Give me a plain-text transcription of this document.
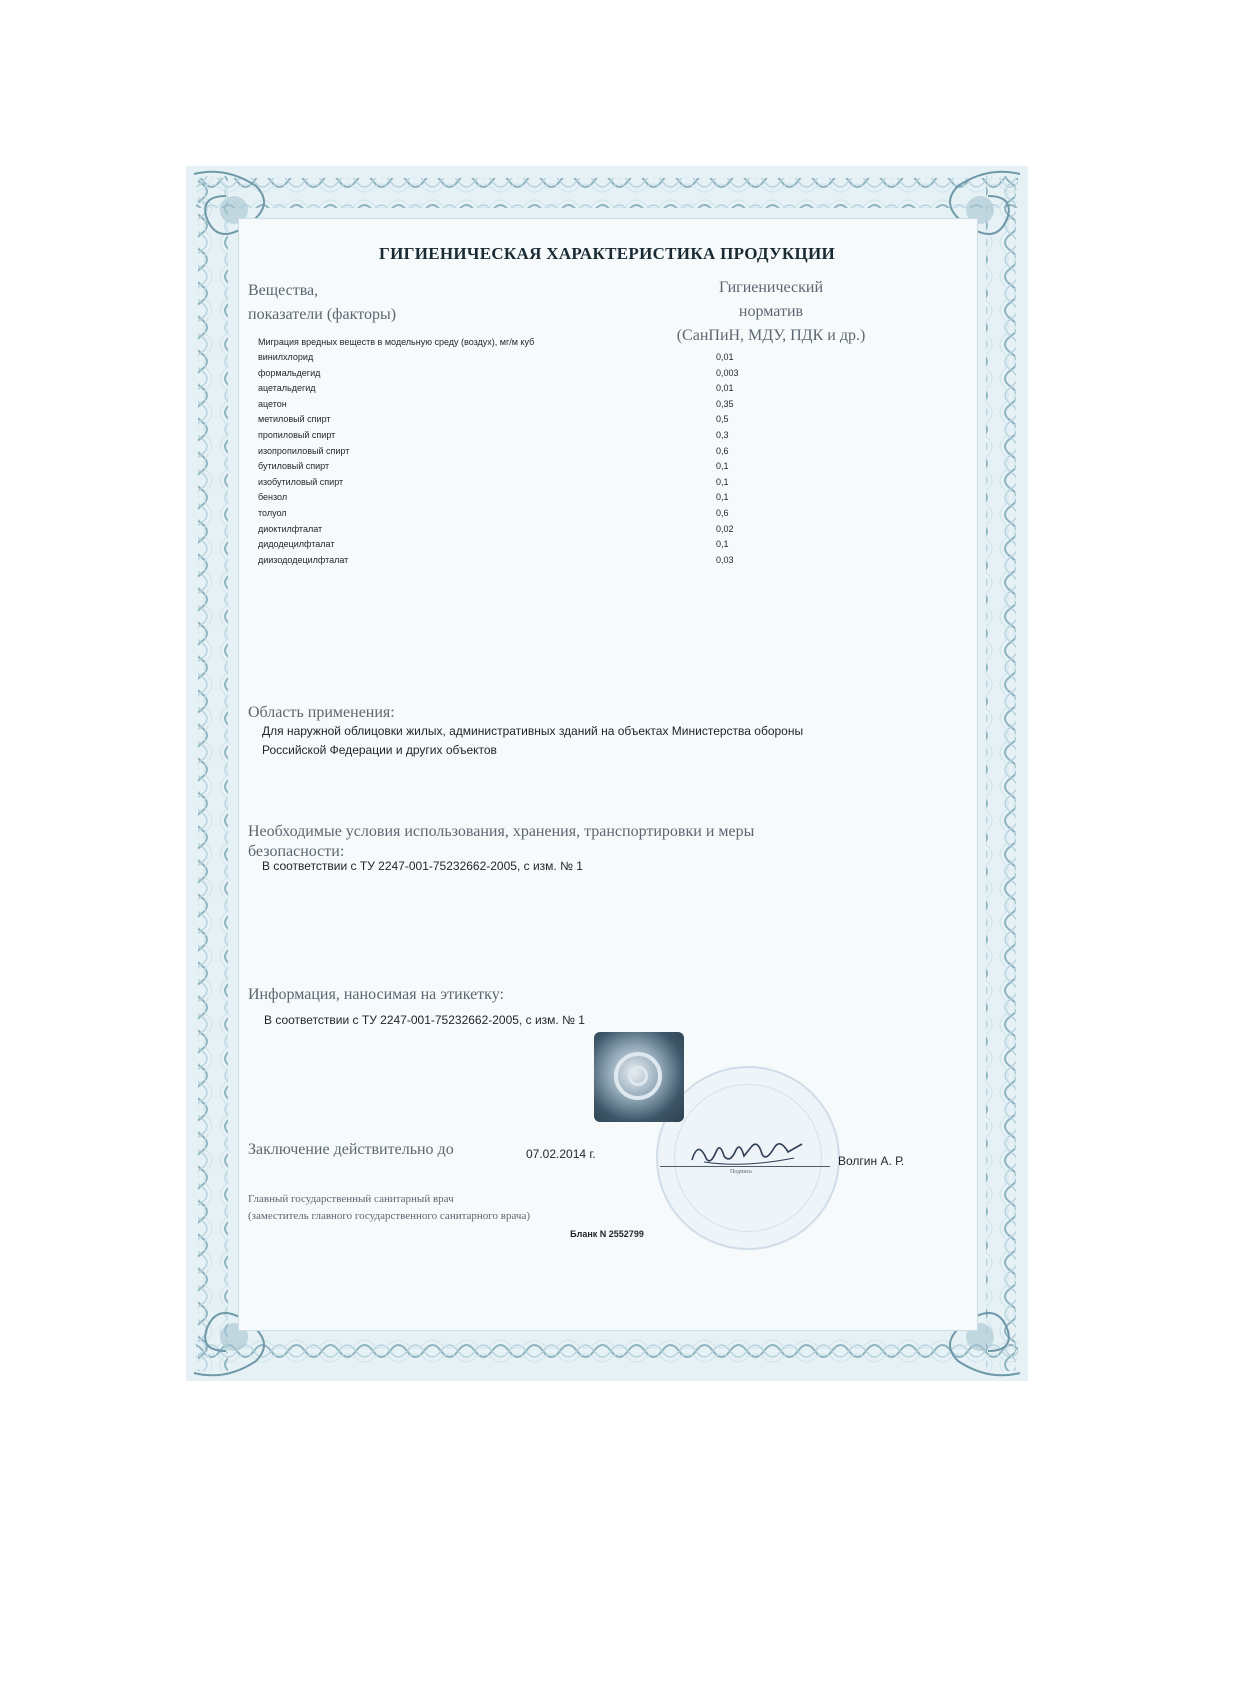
ГИГИЕНИЧЕСКАЯ ХАРАКТЕРИСТИКА ПРОДУКЦИИ
Вещества,
показатели (факторы)
Гигиенический
норматив
(СанПиН, МДУ, ПДК и др.)
Миграция вредных веществ в модельную среду (воздух), мг/м куб
винилхлорид	0,01
формальдегид	0,003
ацетальдегид	0,01
ацетон	0,35
метиловый спирт	0,5
пропиловый спирт	0,3
изопропиловый спирт	0,6
бутиловый спирт	0,1
изобутиловый спирт	0,1
бензол	0,1
толуол	0,6
диоктилфталат	0,02
дидодецилфталат	0,1
диизододецилфталат	0,03
Область применения:
Для наружной облицовки жилых, административных зданий на объектах Министерства обороны
Российской Федерации и других объектов
Необходимые условия использования, хранения, транспортировки и меры
безопасности:
В соответствии с ТУ 2247-001-75232662-2005, с изм. № 1
Информация, наносимая на этикетку:
В соответствии с ТУ 2247-001-75232662-2005, с изм. № 1
Заключение действительно до	07.02.2014 г.
Главный государственный санитарный врач
(заместитель главного государственного санитарного врача)
Подпись
Волгин А. Р.
Бланк N 2552799
